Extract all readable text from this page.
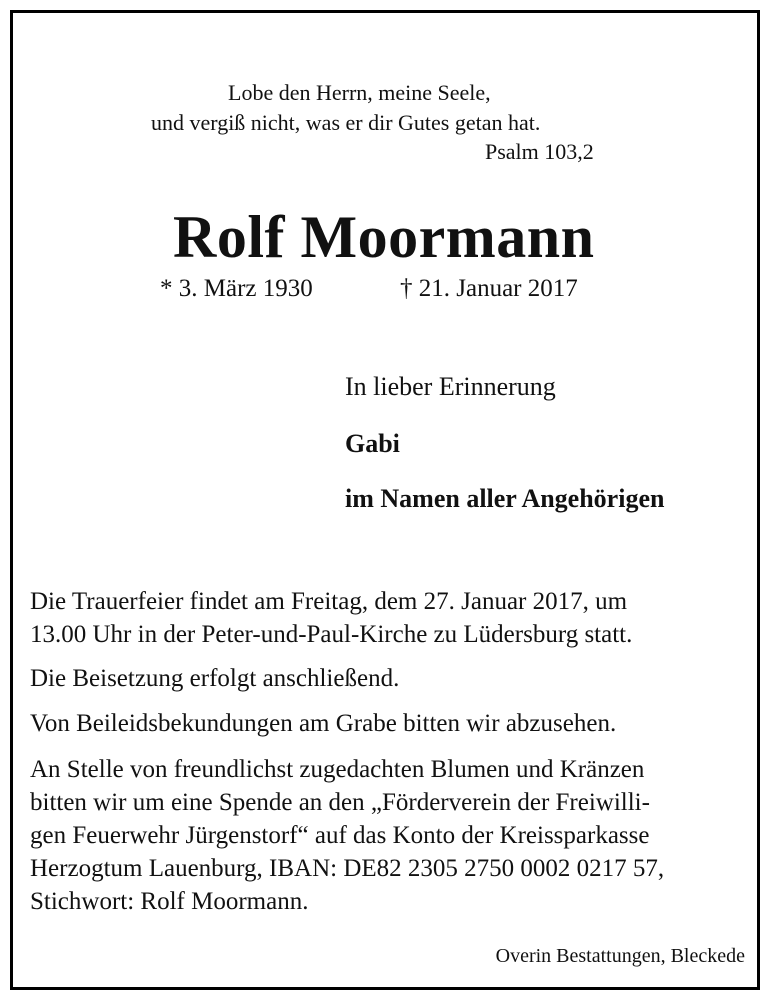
Lobe den Herrn, meine Seele,
und vergiß nicht, was er dir Gutes getan hat.
Psalm 103,2
Rolf Moormann
* 3. März 1930	† 21. Januar 2017
In lieber Erinnerung
Gabi
im Namen aller Angehörigen
Die Trauerfeier findet am Freitag, dem 27. Januar 2017, um
13.00 Uhr in der Peter-und-Paul-Kirche zu Lüdersburg statt.
Die Beisetzung erfolgt anschließend.
Von Beileidsbekundungen am Grabe bitten wir abzusehen.
An Stelle von freundlichst zugedachten Blumen und Kränzen
bitten wir um eine Spende an den „Förderverein der Freiwilli-
gen Feuerwehr Jürgenstorf“ auf das Konto der Kreissparkasse
Herzogtum Lauenburg, IBAN: DE82 2305 2750 0002 0217 57,
Stichwort: Rolf Moormann.
Overin Bestattungen, Bleckede
